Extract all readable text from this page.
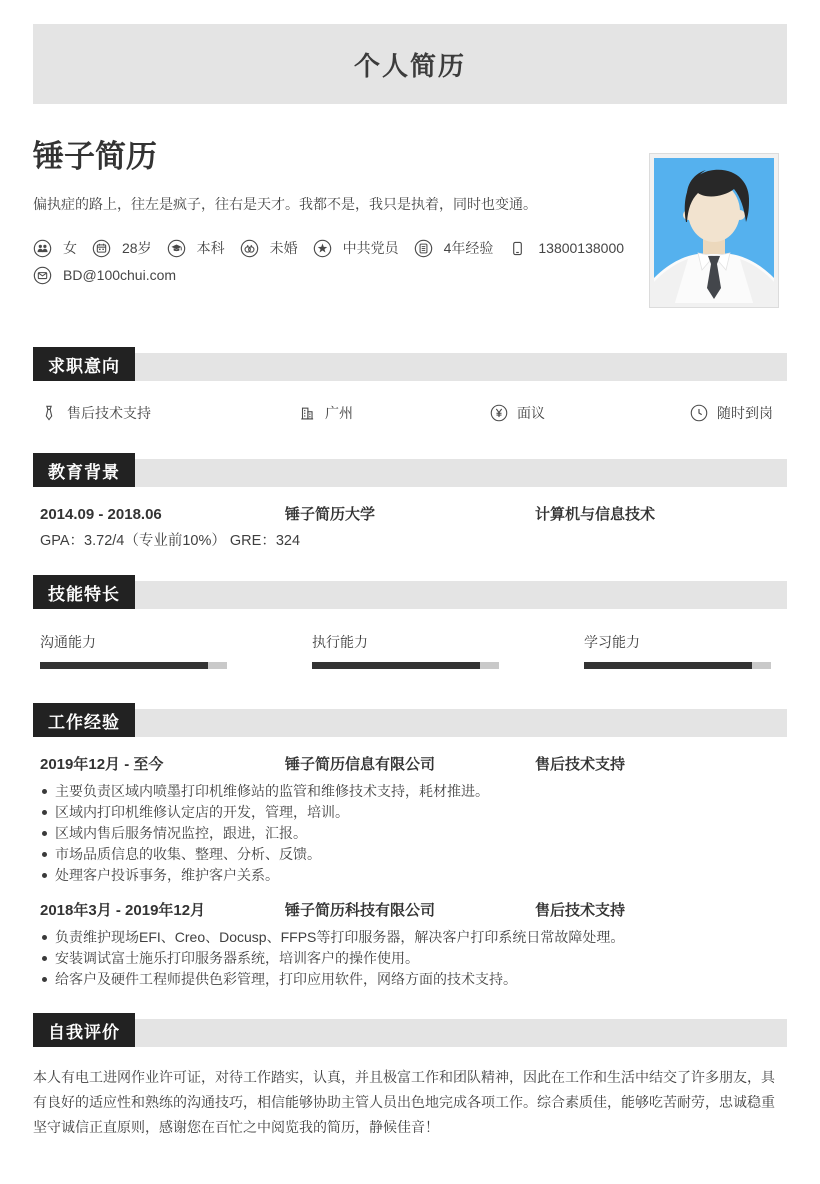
个人简历
锤子简历
偏执症的路上，往左是疯子，往右是天才。我都不是，我只是执着，同时也变通。
女	28岁	本科	未婚	中共党员	4年经验	13800138000
BD@100chui.com
求职意向
售后技术支持	广州	面议	随时到岗
教育背景
2014.09 - 2018.06	锤子简历大学	计算机与信息技术
GPA：3.72/4（专业前10%） GRE：324
技能特长
沟通能力	执行能力	学习能力
工作经验
2019年12月 - 至今	锤子简历信息有限公司	售后技术支持
主要负责区域内喷墨打印机维修站的监管和维修技术支持，耗材推进。
区域内打印机维修认定店的开发，管理，培训。
区域内售后服务情况监控，跟进，汇报。
市场品质信息的收集、整理、分析、反馈。
处理客户投诉事务，维护客户关系。
2018年3月 - 2019年12月	锤子简历科技有限公司	售后技术支持
负责维护现场EFI、Creo、Docusp、FFPS等打印服务器，解决客户打印系统日常故障处理。
安装调试富士施乐打印服务器系统，培训客户的操作使用。
给客户及硬件工程师提供色彩管理，打印应用软件，网络方面的技术支持。
自我评价
本人有电工进网作业许可证，对待工作踏实，认真，并且极富工作和团队精神，因此在工作和生活中结交了许多朋友，具有良好的适应性和熟练的沟通技巧，相信能够协助主管人员出色地完成各项工作。综合素质佳，能够吃苦耐劳，忠诚稳重坚守诚信正直原则，感谢您在百忙之中阅览我的简历，静候佳音！
